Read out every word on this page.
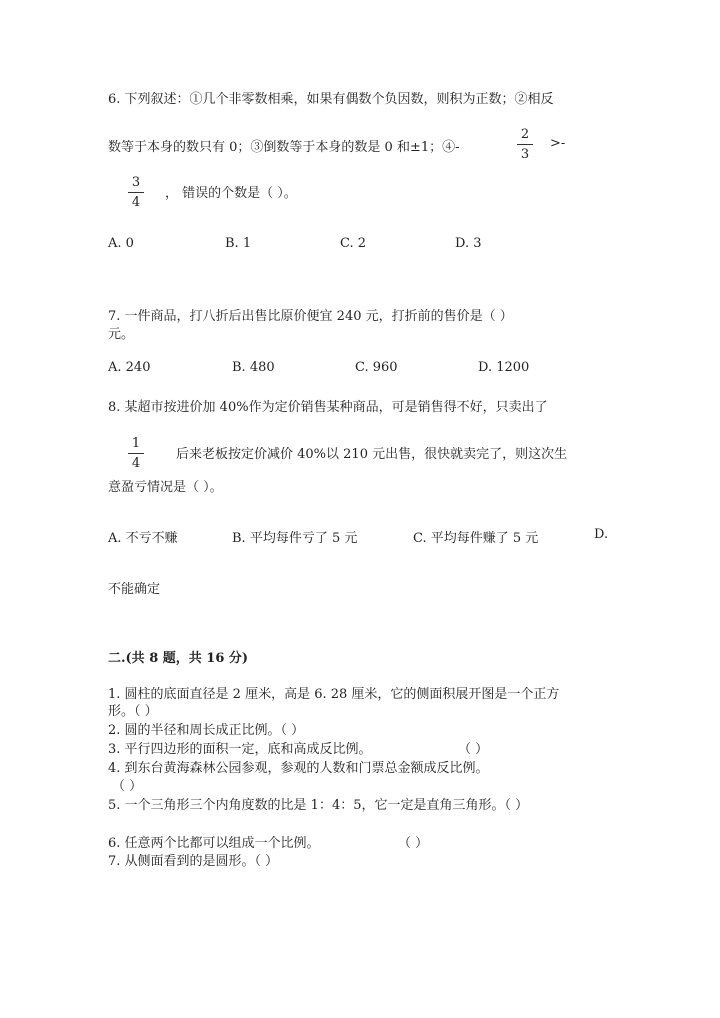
6. 下列叙述：①几个非零数相乘，如果有偶数个负因数，则积为正数；②相反
数等于本身的数只有 0；③倒数等于本身的数是 0 和±1；④-
2
3
>-
3
4
， 错误的个数是（ ）。
A. 0	B. 1	C. 2	D. 3
7. 一件商品，打八折后出售比原价便宜 240 元，打折前的售价是（ ）
元。
A. 240	B. 480	C. 960	D. 1200
8. 某超市按进价加 40%作为定价销售某种商品，可是销售得不好，只卖出了
1
4
后来老板按定价减价 40%以 210 元出售，很快就卖完了，则这次生
意盈亏情况是（ ）。
A. 不亏不赚	B. 平均每件亏了 5 元	C. 平均每件赚了 5 元	D.
不能确定
二.(共 8 题，共 16 分)
1. 圆柱的底面直径是 2 厘米，高是 6. 28 厘米，它的侧面积展开图是一个正方
形。（ ）
2. 圆的半径和周长成正比例。（ ）
3. 平行四边形的面积一定，底和高成反比例。	（ ）
4. 到东台黄海森林公园参观，参观的人数和门票总金额成反比例。
（ ）
5. 一个三角形三个内角度数的比是 1：4：5，它一定是直角三角形。（ ）
6. 任意两个比都可以组成一个比例。	（ ）
7. 从侧面看到的是圆形。（ ）
